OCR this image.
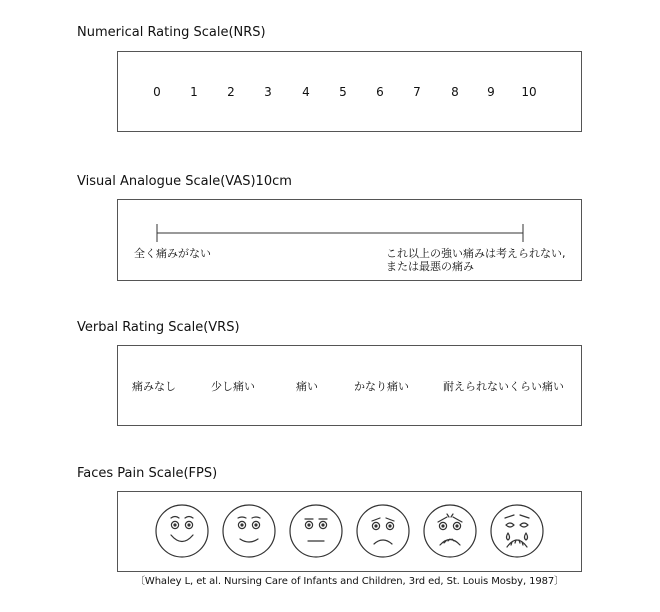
Numerical Rating Scale(NRS)
0 1 2 3	4 5 6 7	8 9 10
Visual Analogue Scale(VAS)10cm
全く痛みがない	これ以上の強い痛みは考えられない,
または最悪の痛み
Verbal Rating Scale(VRS)
痛みなし	少し痛い	痛い	かなり痛い	耐えられないくらい痛い
Faces Pain Scale(FPS)
〔Whaley L, et al. Nursing Care of Infants and Children, 3rd ed, St. Louis Mosby, 1987〕
